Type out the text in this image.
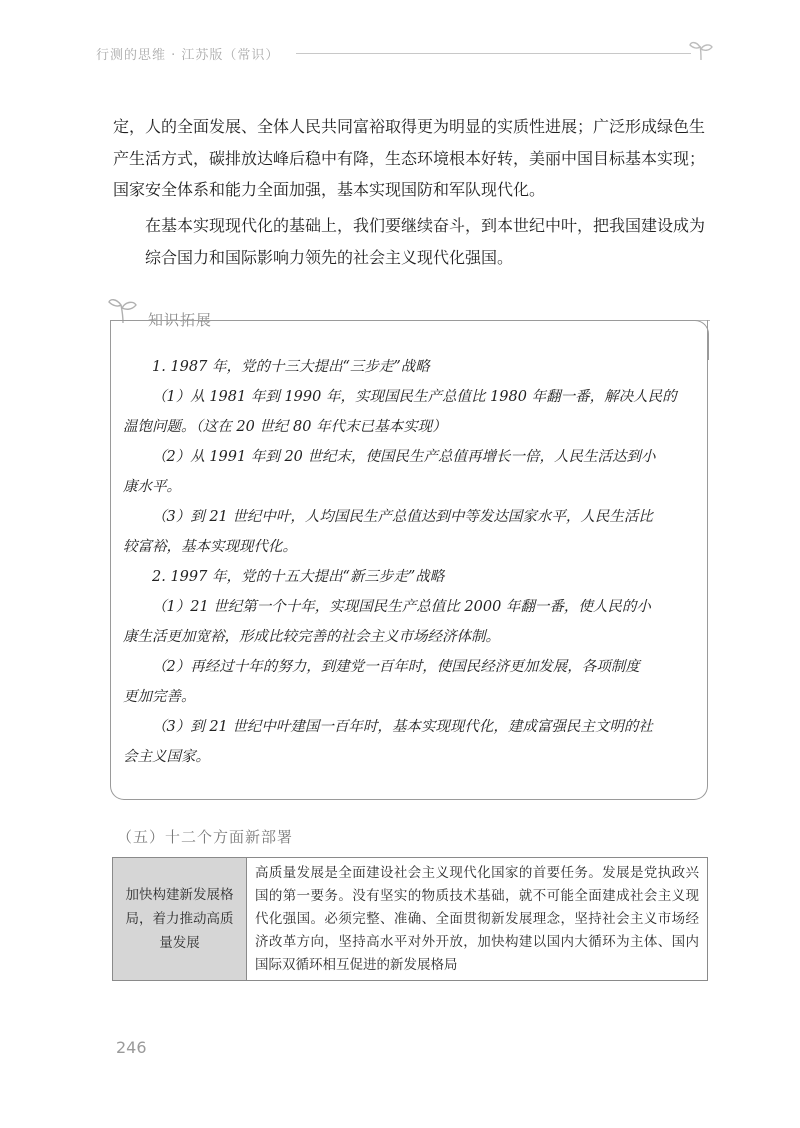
行测的思维 · 江苏版（常识）
定，人的全面发展、全体人民共同富裕取得更为明显的实质性进展；广泛形成绿色生
产生活方式，碳排放达峰后稳中有降，生态环境根本好转，美丽中国目标基本实现；
国家安全体系和能力全面加强，基本实现国防和军队现代化。
在基本实现现代化的基础上，我们要继续奋斗，到本世纪中叶，把我国建设成为
综合国力和国际影响力领先的社会主义现代化强国。
知识拓展
1. 1987 年，党的十三大提出“三步走”战略
（1）从 1981 年到 1990 年，实现国民生产总值比 1980 年翻一番，解决人民的
温饱问题。（这在 20 世纪 80 年代末已基本实现）
（2）从 1991 年到 20 世纪末，使国民生产总值再增长一倍，人民生活达到小
康水平。
（3）到 21 世纪中叶，人均国民生产总值达到中等发达国家水平，人民生活比
较富裕，基本实现现代化。
2. 1997 年，党的十五大提出“新三步走”战略
（1）21 世纪第一个十年，实现国民生产总值比 2000 年翻一番，使人民的小
康生活更加宽裕，形成比较完善的社会主义市场经济体制。
（2）再经过十年的努力，到建党一百年时，使国民经济更加发展，各项制度
更加完善。
（3）到 21 世纪中叶建国一百年时，基本实现现代化，建成富强民主文明的社
会主义国家。
（五）十二个方面新部署
加快构建新发展格局，着力推动高质量发展
高质量发展是全面建设社会主义现代化国家的首要任务。发展是党执政兴国的第一要务。没有坚实的物质技术基础，就不可能全面建成社会主义现代化强国。必须完整、准确、全面贯彻新发展理念，坚持社会主义市场经济改革方向，坚持高水平对外开放，加快构建以国内大循环为主体、国内国际双循环相互促进的新发展格局
246
